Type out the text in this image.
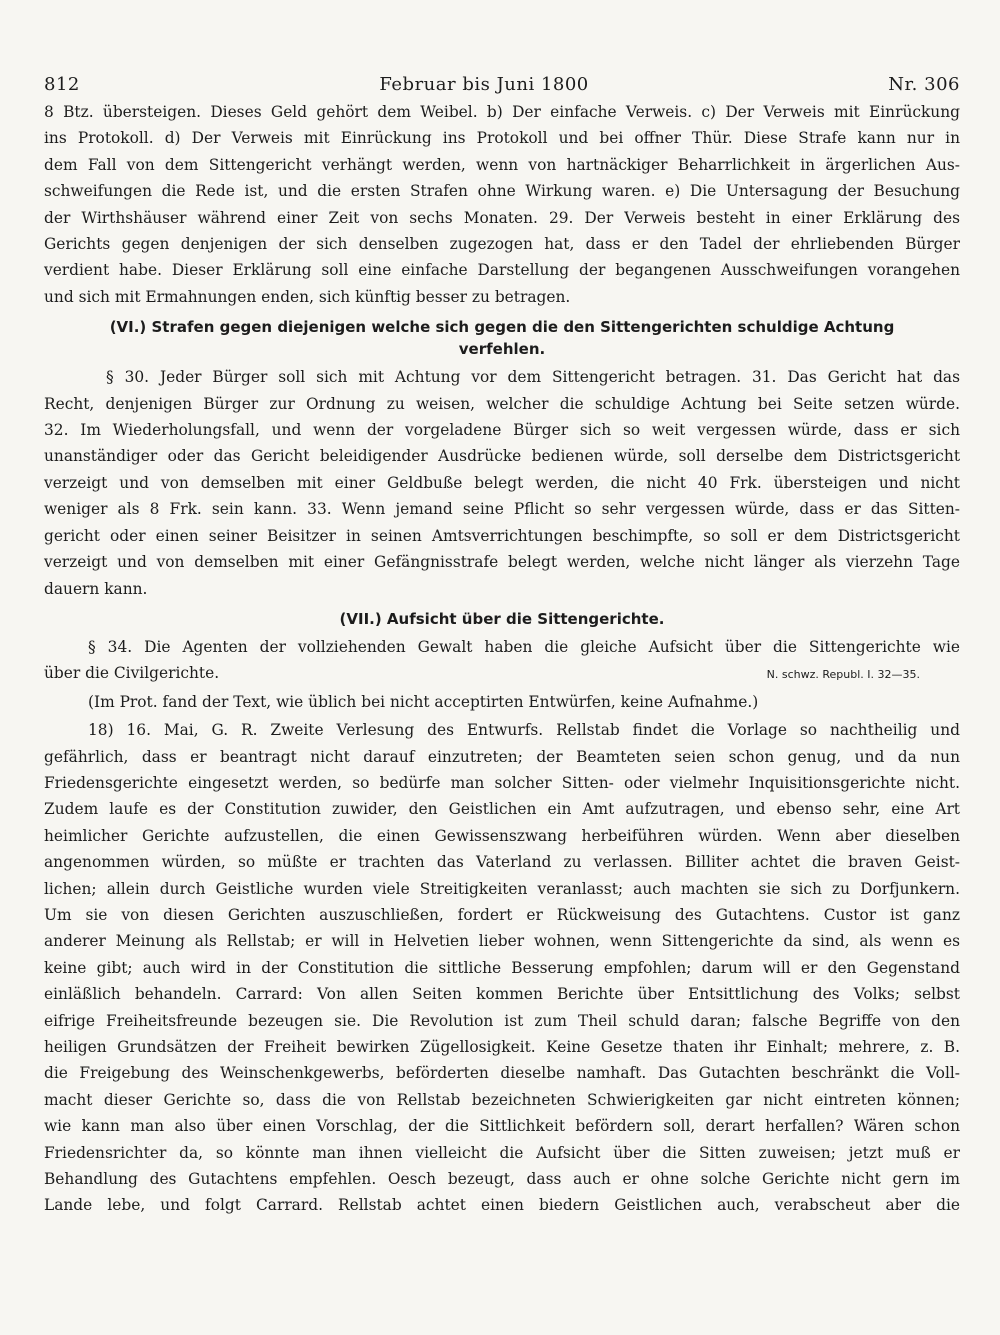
812	Februar bis Juni 1800	Nr. 306
8 Btz. übersteigen. Dieses Geld gehört dem Weibel. b) Der einfache Verweis. c) Der Verweis mit Einrückung
ins Protokoll. d) Der Verweis mit Einrückung ins Protokoll und bei offner Thür. Diese Strafe kann nur in
dem Fall von dem Sittengericht verhängt werden, wenn von hartnäckiger Beharrlichkeit in ärgerlichen Aus-
schweifungen die Rede ist, und die ersten Strafen ohne Wirkung waren. e) Die Untersagung der Besuchung
der Wirthshäuser während einer Zeit von sechs Monaten. 29. Der Verweis besteht in einer Erklärung des
Gerichts gegen denjenigen der sich denselben zugezogen hat, dass er den Tadel der ehrliebenden Bürger
verdient habe. Dieser Erklärung soll eine einfache Darstellung der begangenen Ausschweifungen vorangehen
und sich mit Ermahnungen enden, sich künftig besser zu betragen.
(VI.) Strafen gegen diejenigen welche sich gegen die den Sittengerichten schuldige Achtung
verfehlen.
§ 30. Jeder Bürger soll sich mit Achtung vor dem Sittengericht betragen. 31. Das Gericht hat das
Recht, denjenigen Bürger zur Ordnung zu weisen, welcher die schuldige Achtung bei Seite setzen würde.
32. Im Wiederholungsfall, und wenn der vorgeladene Bürger sich so weit vergessen würde, dass er sich
unanständiger oder das Gericht beleidigender Ausdrücke bedienen würde, soll derselbe dem Districtsgericht
verzeigt und von demselben mit einer Geldbuße belegt werden, die nicht 40 Frk. übersteigen und nicht
weniger als 8 Frk. sein kann. 33. Wenn jemand seine Pflicht so sehr vergessen würde, dass er das Sitten-
gericht oder einen seiner Beisitzer in seinen Amtsverrichtungen beschimpfte, so soll er dem Districtsgericht
verzeigt und von demselben mit einer Gefängnisstrafe belegt werden, welche nicht länger als vierzehn Tage
dauern kann.
(VII.) Aufsicht über die Sittengerichte.
§ 34. Die Agenten der vollziehenden Gewalt haben die gleiche Aufsicht über die Sittengerichte wie
über die Civilgerichte.	N. schwz. Republ. I. 32—35.
(Im Prot. fand der Text, wie üblich bei nicht acceptirten Entwürfen, keine Aufnahme.)
18) 16. Mai, G. R. Zweite Verlesung des Entwurfs. Rellstab findet die Vorlage so nachtheilig und
gefährlich, dass er beantragt nicht darauf einzutreten; der Beamteten seien schon genug, und da nun
Friedensgerichte eingesetzt werden, so bedürfe man solcher Sitten- oder vielmehr Inquisitionsgerichte nicht.
Zudem laufe es der Constitution zuwider, den Geistlichen ein Amt aufzutragen, und ebenso sehr, eine Art
heimlicher Gerichte aufzustellen, die einen Gewissenszwang herbeiführen würden. Wenn aber dieselben
angenommen würden, so müßte er trachten das Vaterland zu verlassen. Billiter achtet die braven Geist-
lichen; allein durch Geistliche wurden viele Streitigkeiten veranlasst; auch machten sie sich zu Dorfjunkern.
Um sie von diesen Gerichten auszuschließen, fordert er Rückweisung des Gutachtens. Custor ist ganz
anderer Meinung als Rellstab; er will in Helvetien lieber wohnen, wenn Sittengerichte da sind, als wenn es
keine gibt; auch wird in der Constitution die sittliche Besserung empfohlen; darum will er den Gegenstand
einläßlich behandeln. Carrard: Von allen Seiten kommen Berichte über Entsittlichung des Volks; selbst
eifrige Freiheitsfreunde bezeugen sie. Die Revolution ist zum Theil schuld daran; falsche Begriffe von den
heiligen Grundsätzen der Freiheit bewirken Zügellosigkeit. Keine Gesetze thaten ihr Einhalt; mehrere, z. B.
die Freigebung des Weinschenkgewerbs, beförderten dieselbe namhaft. Das Gutachten beschränkt die Voll-
macht dieser Gerichte so, dass die von Rellstab bezeichneten Schwierigkeiten gar nicht eintreten können;
wie kann man also über einen Vorschlag, der die Sittlichkeit befördern soll, derart herfallen? Wären schon
Friedensrichter da, so könnte man ihnen vielleicht die Aufsicht über die Sitten zuweisen; jetzt muß er
Behandlung des Gutachtens empfehlen. Oesch bezeugt, dass auch er ohne solche Gerichte nicht gern im
Lande lebe, und folgt Carrard. Rellstab achtet einen biedern Geistlichen auch, verabscheut aber die
